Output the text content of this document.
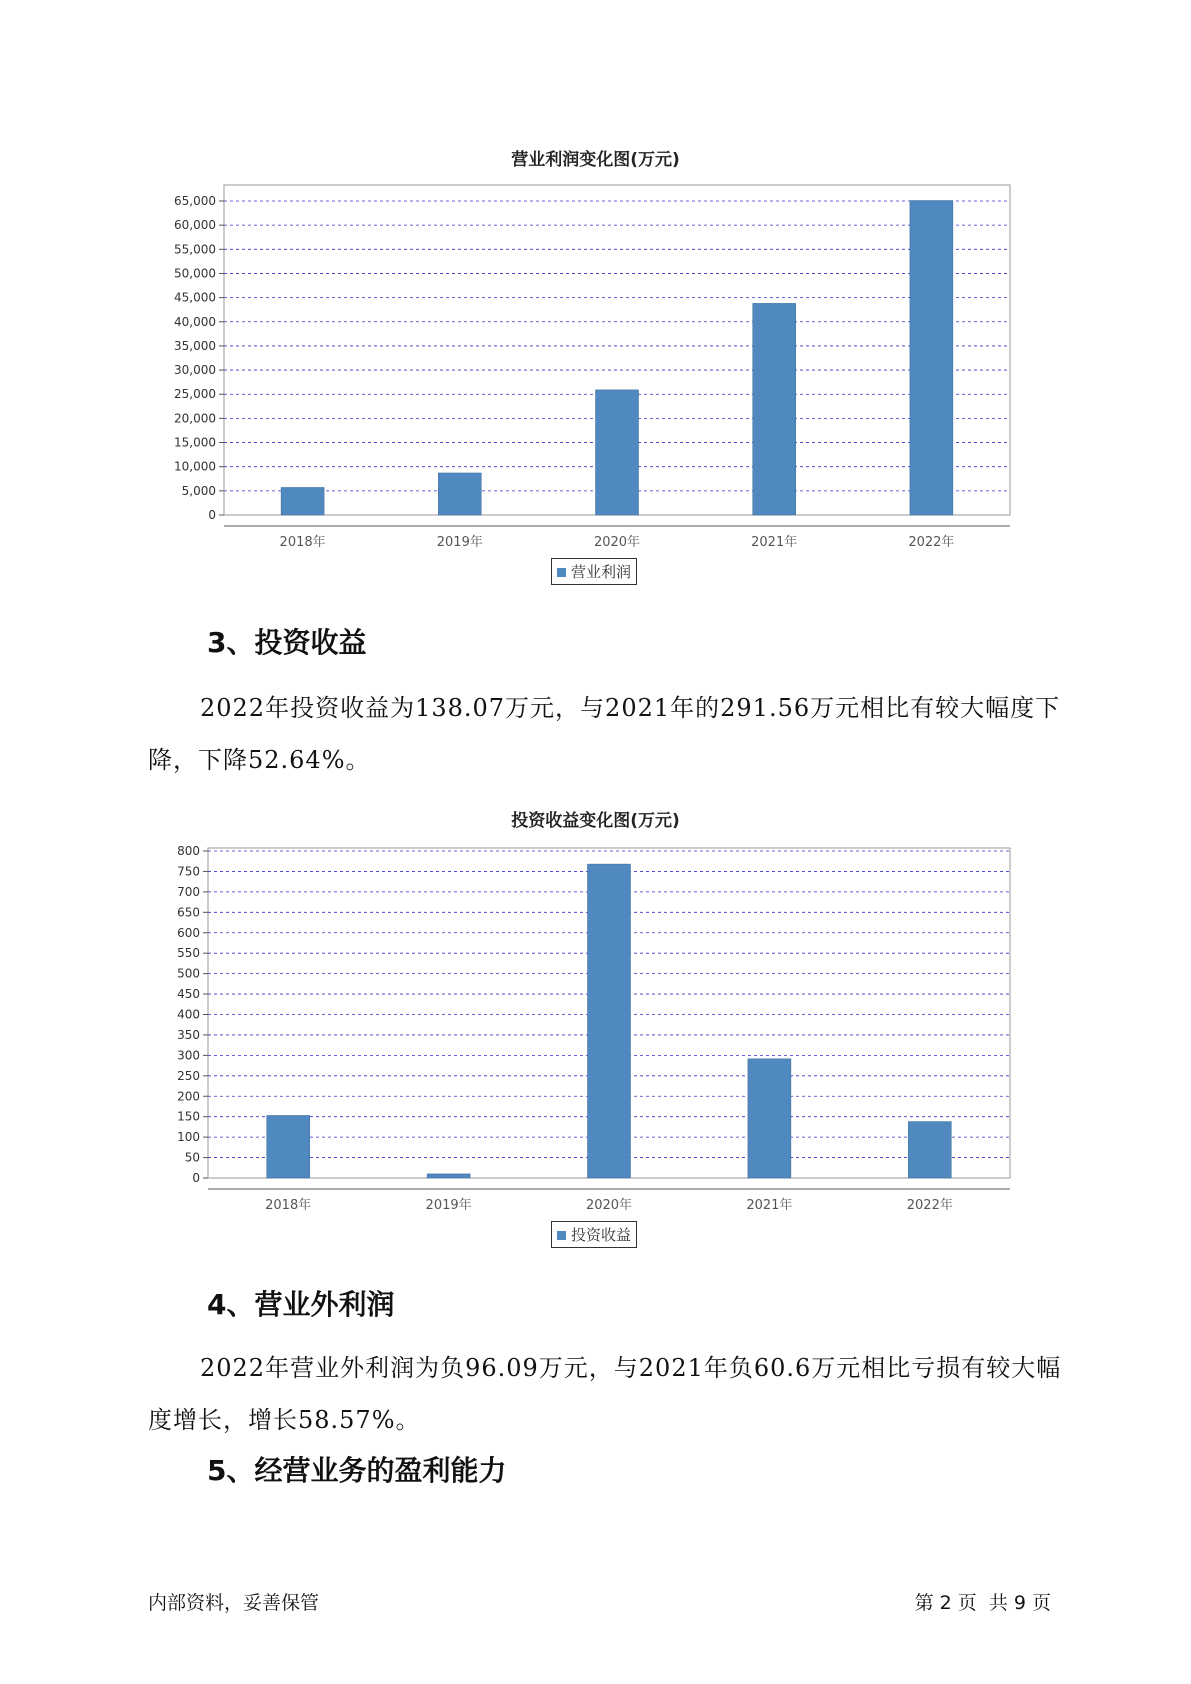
营业利润变化图(万元)
0
5,000
10,000
15,000
20,000
25,000
30,000
35,000
40,000
45,000
50,000
55,000
60,000
65,000
2018年	2019年	2020年	2021年	2022年
营业利润
3、投资收益

2022年投资收益为138.07万元，与2021年的291.56万元相比有较大幅度下降，下降52.64%。

投资收益变化图(万元)
0
50
100
150
200
250
300
350
400
450
500
550
600
650
700
750
800
2018年	2019年	2020年	2021年	2022年
投资收益
4、营业外利润

2022年营业外利润为负96.09万元，与2021年负60.6万元相比亏损有较大幅度增长，增长58.57%。

5、经营业务的盈利能力
内部资料，妥善保管	第 2 页  共 9 页
